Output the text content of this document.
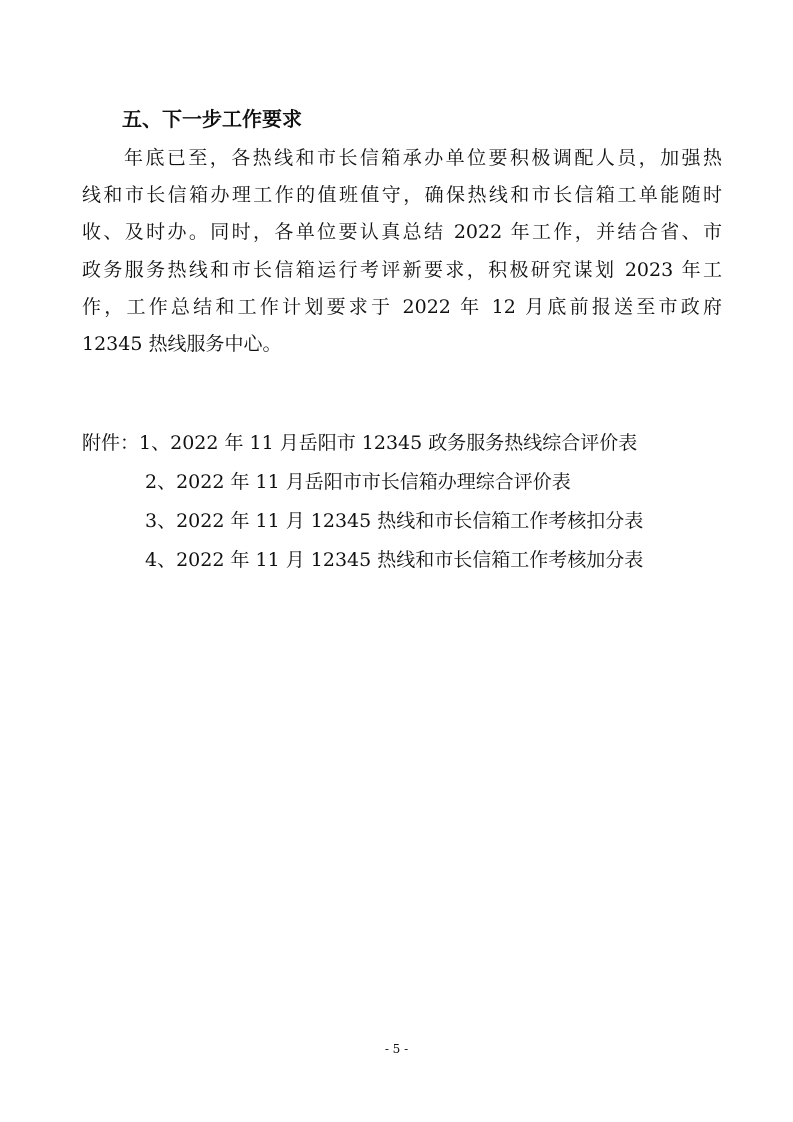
五、下一步工作要求
年底已至，各热线和市长信箱承办单位要积极调配人员，加强热
线和市长信箱办理工作的值班值守，确保热线和市长信箱工单能随时
收、及时办。同时，各单位要认真总结 2022 年工作，并结合省、市
政务服务热线和市长信箱运行考评新要求，积极研究谋划 2023 年工
作，工作总结和工作计划要求于 2022 年 12 月底前报送至市政府
12345 热线服务中心。
附件：1、2022 年 11 月岳阳市 12345 政务服务热线综合评价表
2、2022 年 11 月岳阳市市长信箱办理综合评价表
3、2022 年 11 月 12345 热线和市长信箱工作考核扣分表
4、2022 年 11 月 12345 热线和市长信箱工作考核加分表
- 5 -
